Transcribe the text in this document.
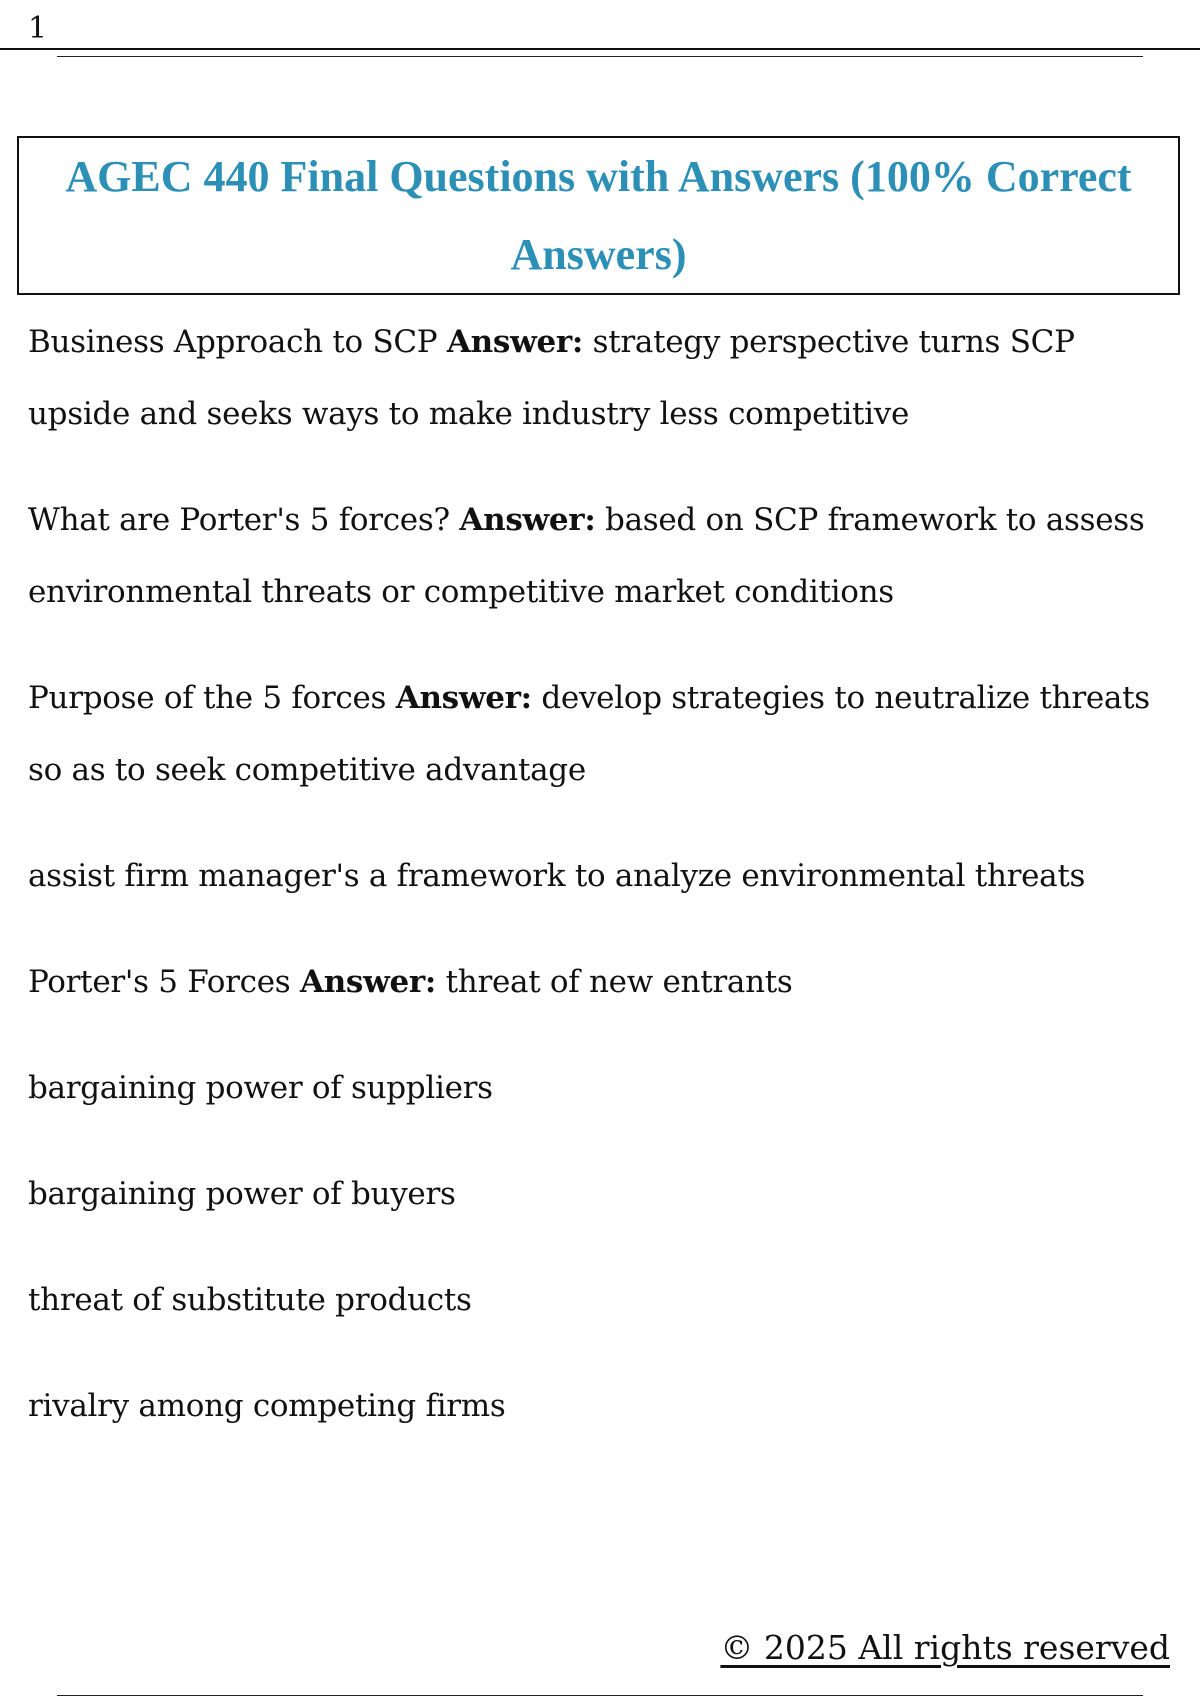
1
AGEC 440 Final Questions with Answers (100% Correct Answers)

Business Approach to SCP Answer: strategy perspective turns SCP upside and seeks ways to make industry less competitive

What are Porter's 5 forces? Answer: based on SCP framework to assess environmental threats or competitive market conditions

Purpose of the 5 forces Answer: develop strategies to neutralize threats so as to seek competitive advantage

assist firm manager's a framework to analyze environmental threats

Porter's 5 Forces Answer: threat of new entrants

bargaining power of suppliers

bargaining power of buyers

threat of substitute products

rivalry among competing firms

© 2025 All rights reserved
